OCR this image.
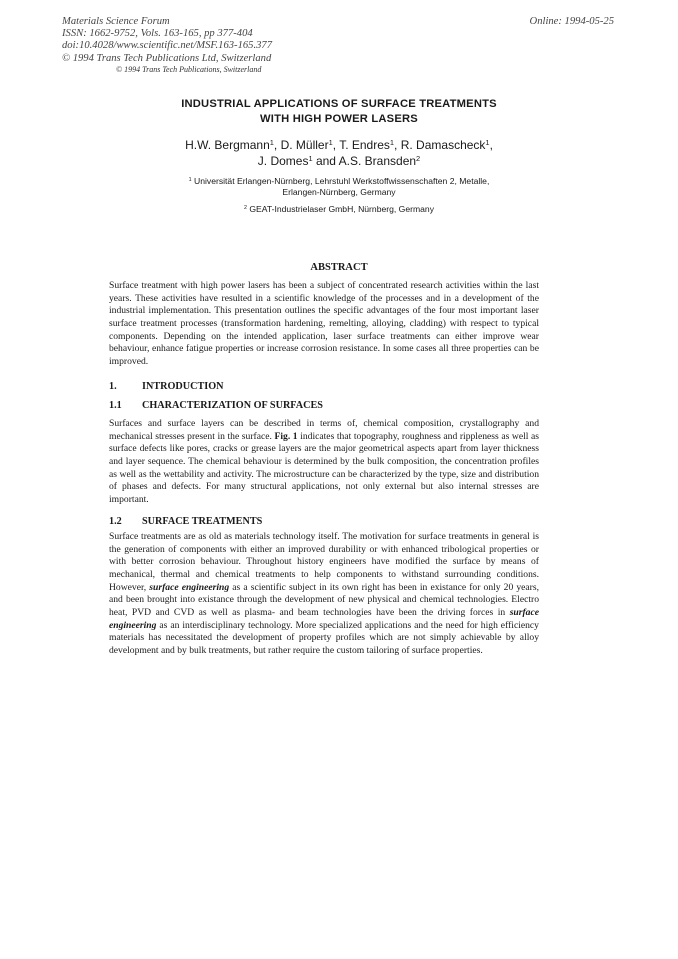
Materials Science Forum
ISSN: 1662-9752, Vols. 163-165, pp 377-404
doi:10.4028/www.scientific.net/MSF.163-165.377
© 1994 Trans Tech Publications Ltd, Switzerland
Online: 1994-05-25
© 1994 Trans Tech Publications, Switzerland
INDUSTRIAL APPLICATIONS OF SURFACE TREATMENTS
WITH HIGH POWER LASERS
H.W. Bergmann$^1$, D. Müller$^1$, T. Endres$^1$, R. Damascheck$^1$,
J. Domes$^1$ and A.S. Bransden$^2$
$^1$ Universität Erlangen-Nürnberg, Lehrstuhl Werkstoffwissenschaften 2, Metalle,
Erlangen-Nürnberg, Germany
$^2$ GEAT-Industrielaser GmbH, Nürnberg, Germany
ABSTRACT
Surface treatment with high power lasers has been a subject of concentrated research activities within the last years. These activities have resulted in a scientific knowledge of the processes and in a development of the industrial implementation. This presentation outlines the specific advantages of the four most important laser surface treatment processes (transformation hardening, remelting, alloying, cladding) with respect to typical components. Depending on the intended application, laser surface treatments can either improve wear behaviour, enhance fatigue properties or increase corrosion resistance. In some cases all three properties can be improved.
1. INTRODUCTION
1.1 CHARACTERIZATION OF SURFACES
Surfaces and surface layers can be described in terms of, chemical composition, crystallography and mechanical stresses present in the surface. Fig. 1 indicates that topography, roughness and rippleness as well as surface defects like pores, cracks or grease layers are the major geometrical aspects apart from layer thickness and layer sequence. The chemical behaviour is determined by the bulk composition, the concentration profiles as well as the wettability and activity. The microstructure can be characterized by the type, size and distribution of phases and defects. For many structural applications, not only external but also internal stresses are important.
1.2 SURFACE TREATMENTS
Surface treatments are as old as materials technology itself. The motivation for surface treatments in general is the generation of components with either an improved durability or with enhanced tribological properties or with better corrosion behaviour. Throughout history engineers have modified the surface by means of mechanical, thermal and chemical treatments to help components to withstand surrounding conditions. However, surface engineering as a scientific subject in its own right has been in existance for only 20 years, and been brought into existance through the development of new physical and chemical technologies. Electro heat, PVD and CVD as well as plasma- and beam technologies have been the driving forces in surface engineering as an interdisciplinary technology. More specialized applications and the need for high efficiency materials has necessitated the development of property profiles which are not simply achievable by alloy development and by bulk treatments, but rather require the custom tailoring of surface properties.
